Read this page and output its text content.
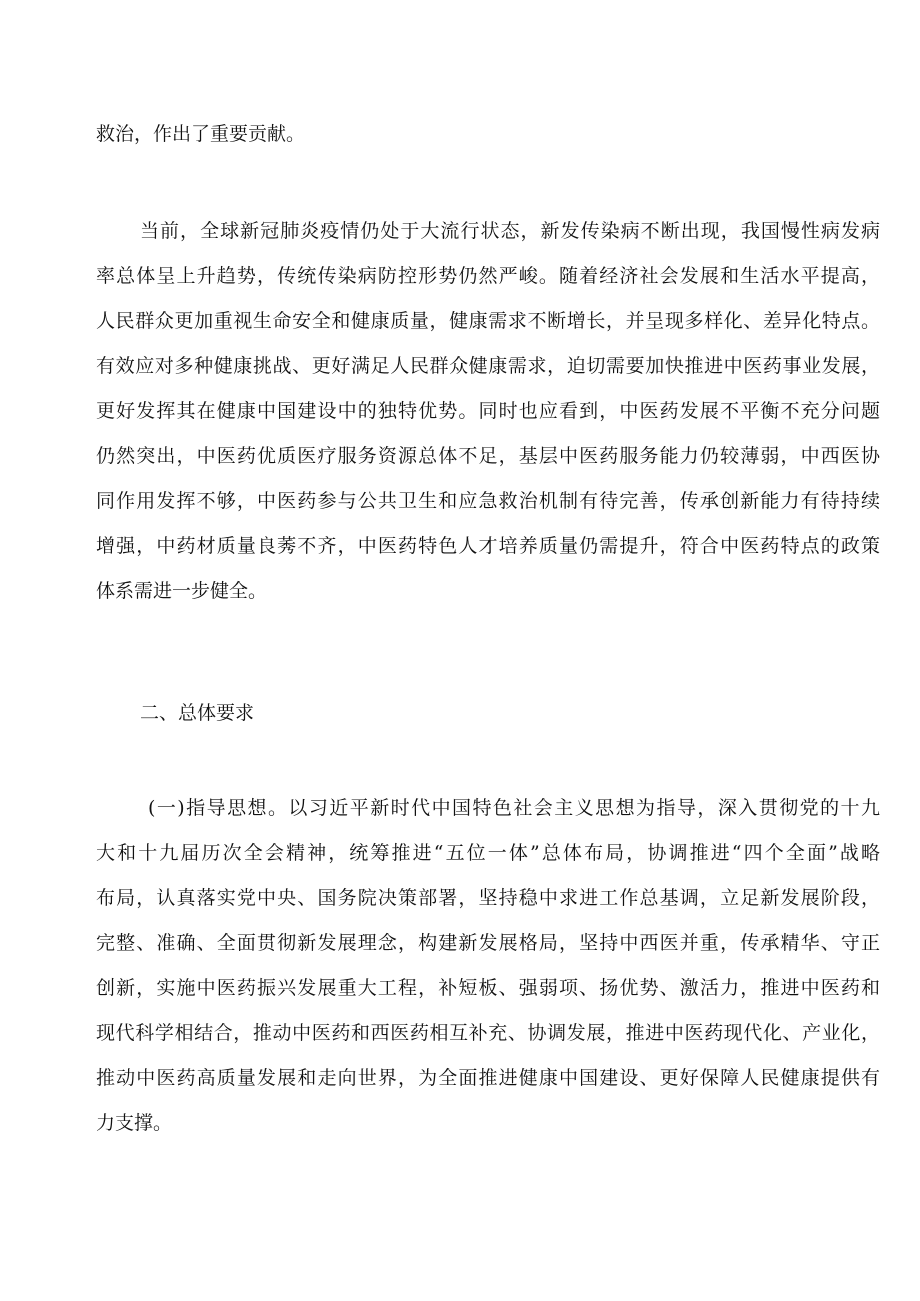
救治，作出了重要贡献。

当前，全球新冠肺炎疫情仍处于大流行状态，新发传染病不断出现，我国慢性病发病

率总体呈上升趋势，传统传染病防控形势仍然严峻。随着经济社会发展和生活水平提高，

人民群众更加重视生命安全和健康质量，健康需求不断增长，并呈现多样化、差异化特点。

有效应对多种健康挑战、更好满足人民群众健康需求，迫切需要加快推进中医药事业发展，

更好发挥其在健康中国建设中的独特优势。同时也应看到，中医药发展不平衡不充分问题

仍然突出，中医药优质医疗服务资源总体不足，基层中医药服务能力仍较薄弱，中西医协

同作用发挥不够，中医药参与公共卫生和应急救治机制有待完善，传承创新能力有待持续

增强，中药材质量良莠不齐，中医药特色人才培养质量仍需提升，符合中医药特点的政策

体系需进一步健全。

二、总体要求

(一)指导思想。以习近平新时代中国特色社会主义思想为指导，深入贯彻党的十九

大和十九届历次全会精神，统筹推进“五位一体”总体布局，协调推进“四个全面”战略

布局，认真落实党中央、国务院决策部署，坚持稳中求进工作总基调，立足新发展阶段，

完整、准确、全面贯彻新发展理念，构建新发展格局，坚持中西医并重，传承精华、守正

创新，实施中医药振兴发展重大工程，补短板、强弱项、扬优势、激活力，推进中医药和

现代科学相结合，推动中医药和西医药相互补充、协调发展，推进中医药现代化、产业化，

推动中医药高质量发展和走向世界，为全面推进健康中国建设、更好保障人民健康提供有

力支撑。
